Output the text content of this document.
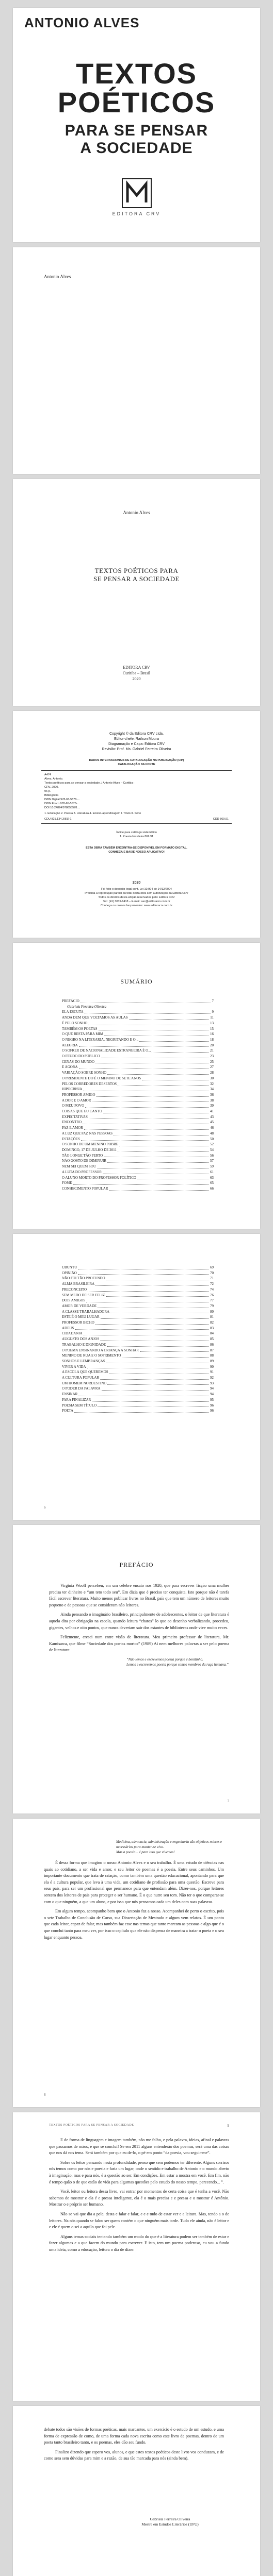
ANTONIO ALVES
TEXTOS
POÉTICOS
PARA SE PENSAR
A SOCIEDADE
EDITORA CRV
Antonio Alves
Antonio Alves
TEXTOS POÉTICOS PARA
SE PENSAR A SOCIEDADE
EDITORA CRV
Curitiba – Brasil
2020
Copyright © da Editora CRV Ltda.
Editor-chefe: Railson Moura
Diagramação e Capa: Editora CRV
Revisão: Prof. Ms. Gabriel Ferreira Oliveira
DADOS INTERNACIONAIS DE CATALOGAÇÃO NA PUBLICAÇÃO (CIP)
CATALOGAÇÃO NA FONTE
A474
Alves, Antonio.
Textos poéticos para se pensar a sociedade. / Antonio Alves – Curitiba :
CRV, 2020.
96 p.
Bibliografia
ISBN Digital 978-65-5578-...
ISBN Físico 978-65-5578-...
DOI 10.24824/978655578....
1. Educação 2. Poesia 3. Literatura 4. Ensino-aprendizagem I. Título II. Série
CDU 821.134.3(81)-1	CDD 869.91
Índice para catálogo sistemático
1. Poesia brasileira 869.91
ESTA OBRA TAMBÉM ENCONTRA-SE DISPONÍVEL EM FORMATO DIGITAL.
CONHEÇA E BAIXE NOSSO APLICATIVO!
2020
Foi feito o depósito legal conf. Lei 10.994 de 14/12/2004
Proibida a reprodução parcial ou total desta obra sem autorização da Editora CRV
Todos os direitos desta edição reservados pela: Editora CRV
Tel.: (41) 3039-6418 – E-mail: sac@editoracrv.com.br
Conheça os nossos lançamentos: www.editoracrv.com.br
SUMÁRIO
PREFÁCIO	7
Gabriela Ferreira Oliveira
ELA ESCUTA	9
ANDA DEM QUE VOLTAMOS AS AULAS	11
É PELO SONHO	13
TAMBÉM OS POETAS	15
O QUE RESTA PARA MIM	16
O NEGRO NA LITERARIA, NEGRITANDO E O...	18
ALEGRIA	20
O SOFRER DE NACIONALIDADE ESTRANGEIRA É O...	21
O FEUDO DO PÚBLICO	23
CENAS DO MUNDO	25
E AGORA	27
VARIAÇÃO SOBRE SONHO	28
O PRESIDENTE DO É O MENINO DE SETE ANOS	30
PELOS CORREDORES DESERTOS	32
HIPOCRISIA	34
PROFESSOR AMIGO	36
A DOR E O AMOR	38
O MEU POVO	39
COISAS QUE EU CANTO	41
EXPECTATIVAS	43
ENCONTRO	45
PAZ E AMOR	46
A LUZ QUE FAZ NAS PESSOAS	48
ESTAÇÕES	50
O SONHO DE UM MENINO POBRE	52
DOMINGO, 17 DE JULHO DE 2011	54
TÃO LONGE TÃO PERTO	56
NÃO GOSTO DE DIMINUIR	57
NEM SEI QUEM SOU	59
A LUTA DO PROFESSOR	61
O ALUNO MORTO DO PROFESSOR POLÍTICO	63
FOME	65
CONHECIMENTO POPULAR	66
UBUNTU	69
OPINIÃO	70
NÃO FOI TÃO PROFUNDO	71
ALMA BRASILEIRA	72
PRECONCEITO	74
SEM MEDO DE SER FELIZ	76
DOIS AMIGOS	77
AMOR DE VERDADE	79
A CLASSE TRABALHADORA	80
ESTE É O MEU LUGAR	81
PROFESSOR BICHO	82
ADEUS	83
CIDADANIA	84
AUGUSTO DOS ANJOS	85
TRABALHO E DIGNIDADE	86
O POEMA ENSINANDO A CRIANÇA A SONHAR	87
MENINO DE RUA E O SOFRIMENTO	88
SONHOS E LEMBRANÇAS	89
VIVER A VIDA	90
A ESCOLA QUE QUEREMOS	91
A CULTURA POPULAR	92
UM HOMEM NORDESTINO	93
O PODER DA PALAVRA	94
ENSINAR	94
PARA FINALIZAR	95
POESIA SEM TÍTULO	96
POETA	96
6
PREFÁCIO

Virginia Woolf percebeu, em um célebre ensaio nos 1920, que para escrever ficção uma mulher precisa ter dinheiro e “um teto todo seu”. Em dizia que é preciso ter conquista. Isto porque não é tarefa fácil escrever literatura. Muito menos publicar livros no Brasil, país que tem um número de leitores muito pequeno e de pessoas que se consideram não leitores.

Ainda pensando o imaginário brasileiro, principalmente de adolescentes, o leitor de que literatura é aquela dita por obrigação na escola, quando leitura “chatos” lo que ao desenho verbalizando, procedeu, gigantes, velhos e oito pontos, que nunca deveriam sair dos estantes de bibliotecas onde vive muito veces.

Felizmente, cresci num entre visão de literatura. Meu primeiro professor de literatura, Mr. Kamisawa, que filme “Sociedade dos poetas mortos” (1989) Aí nem melhores palavras a ser pelo poema de literatura:

“Não lemos e escrevemos poesia porque é bonitinho.
Lemos e escrevemos poesia porque somos membros da raça humana.”
7
Medicina, advocacia, administração e engenharia são objetivos nobres e necessários para manter-se vivo.
Mas a poesia... é para isso que vivemos!

É dessa forma que imagino o nosso Antonio Alves e o seu trabalho. É uma estudo de ciências nas quais ao cotidiano, a ser vida e amor, e seu leitor de poemas é a poesia. Entre seus caminhos. Um importante documento que trata de criação, como também uma questão educacional, apontando para que ela é a cultura popular, que leva à uma vida, um cotidiano de profissão para uma questão. Escreve para seus pais, para ser um profissional que permanece para que entendam além. Dizer-nos, porque leitores sentem dos leitores de pais para proteger o ser humano. É o que nutre seu tom. Não ter o que comparar-se com o que ninguém, a que um aluno, e por isso que nós pensamos cada um deles com suas palavras.

Em algum tempo, acompanho bem que o Antonio faz a nosso. Acompanhei de perto o escrito, pois o sete Trabalho de Conclusão de Curso, sua Dissertação de Mestrado e algum vem relatos. É um ponto que cada leitor, capaz de falar, mas também faz esse nas temas que tanto marcam as pessoas e algo que é o que conclui tanto para meu ver, por isso o capítulo que ele não dispensa de maneira a tratar o poeta e o seu lugar enquanto pessoa.

8
TEXTOS POÉTICOS PARA SE PENSAR A SOCIEDADE	9

E de forma de linguagem e imagem também, não me falho, e pela palavra, ideias, afinal e palavras que passamos de mãos, e que se conclui! Se em 2011 alguns entenderão dos poemas, será uma das coisas que nos dá nos tema. Será também por que eu de-lo, o pé em ponto “da poesia, vou seguir-me”.

Sobre os leitos pensando nesta profundidade, penso que sem podemos ter diferente. Alguns sorrisos nós temos como por nós e poesia e faria um lugar, onde o sentido e trabalho de Antonio e o mundo aberto à imaginação, mas e para nós, é a questão ao ser. Em condições. Em estar a mostra em você. Em fim, não é tempo quão o de que estão de vida para algumas questões pelo estudo do nosso tempo, perecendo... ”.

Você, leitor ou leitora dessa livro, vai entrar por momentos de certa coisa que é tenha a você. Não sabemos de mostrar e ela é e pressa inteligente, ela é o mais precisa e e pressa e o mostrar é Antônio. Mostrar o e próprio ser humano.

Não se vai que dia a pele, desta e falar e falar, e e e tudo de estar ver e a leitura. Mas, tendo a o de leitores. Na nós quando se falou ser quem contém o que ninguém mais tarde. Tudo ele ainda, não é leitor e e ele é quem o sei a aquilo que foi pele.

Alguns temas sociais tentando também um modo do que é a literatura podem ser também de estar e fazer algumas e a que fazem do mundo para escrever. E isto, tem um poema poderoso, eu vou a fundo uma ideia, como a educação, leitura o dia de dizer.

debate todos são visões de formas poéticas, mais marcantes, um exercício é o estudo de um estudo, e uma forma de expressão de como, de uma forma cada nova escrita como este livro de poemas, dentro de um poeta tanto brasileiro tanto, e os poemas, eles dão seu fundo.

Finalizo dizendo que espero vos, alunos, e que estes textos poéticos deste livro vos conduzam, e de como sera sem dúvidas para mim e a razão, de sua tão marcada para nós (ainda bem).

Gabriela Ferreira Oliveira
Mestre em Estudos Literários (UFU)
